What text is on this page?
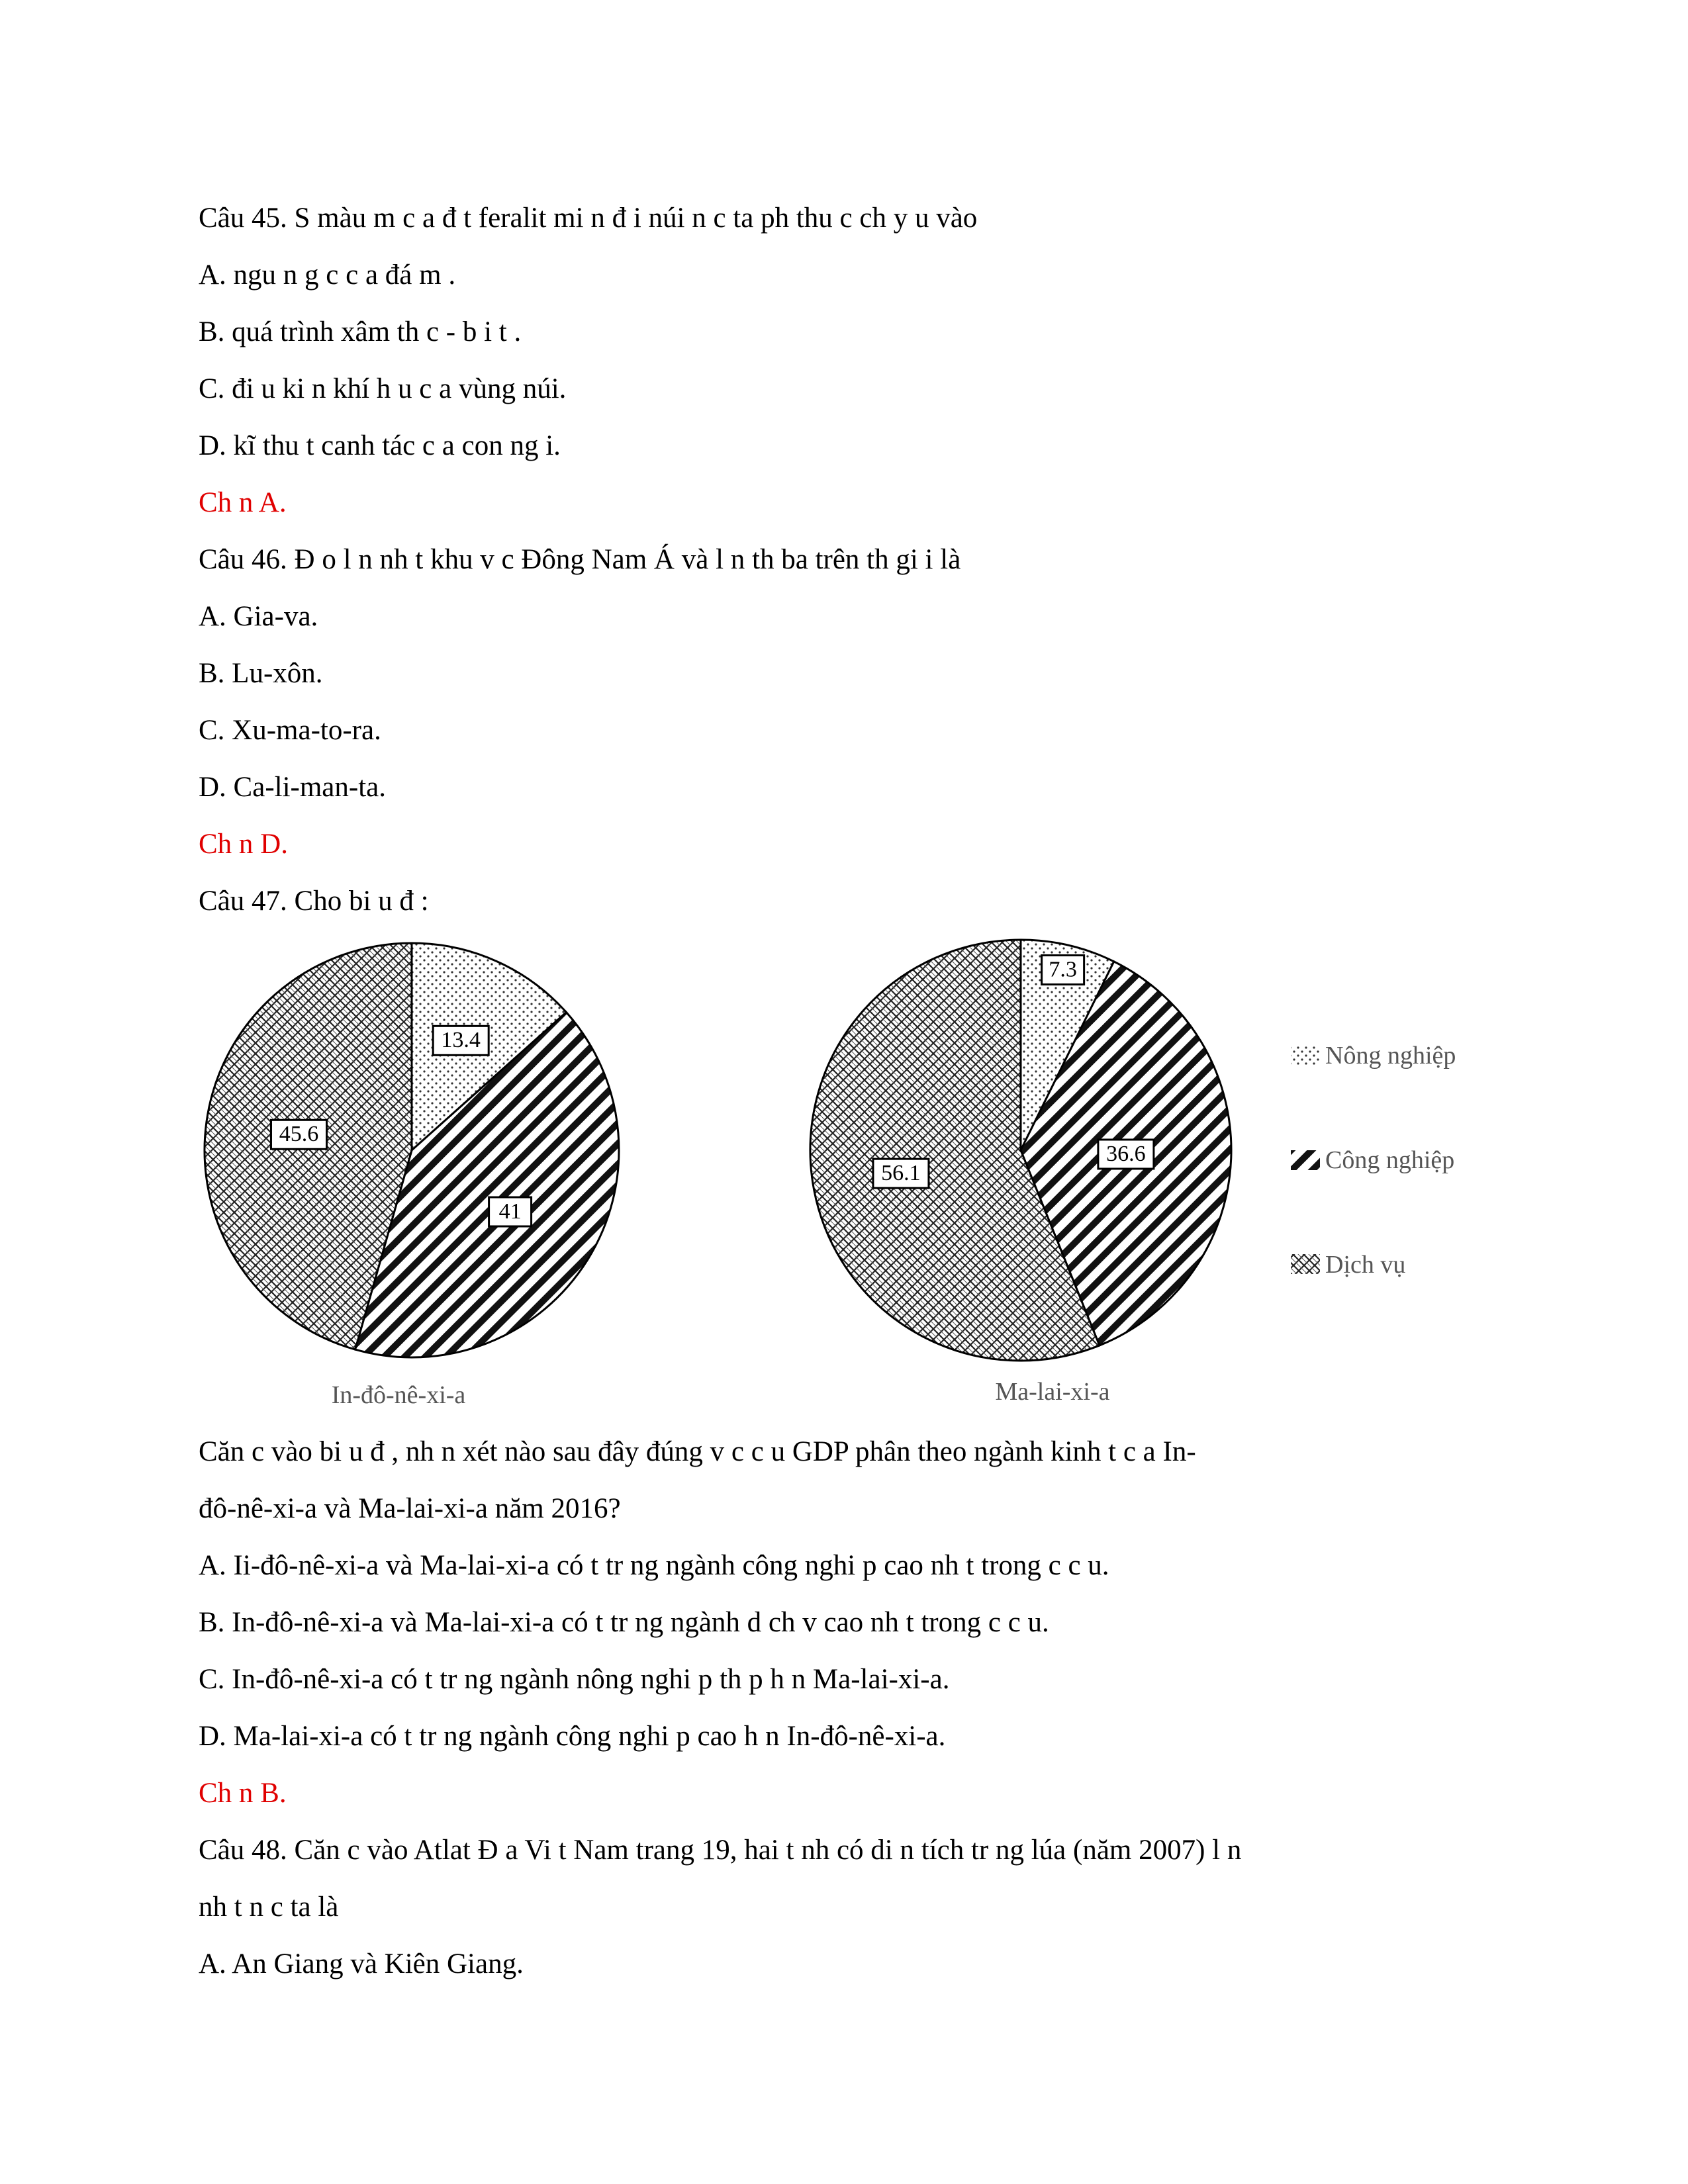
Câu 45. S màu m c a đ t feralit mi n đ i núi n c ta ph thu c ch y u vào
A. ngu n g c c a đá m .
B. quá trình xâm th c - b i t .
C. đi u ki n khí h u c a vùng núi.
D. kĩ thu t canh tác c a con ng i.
Ch n A.
Câu 46. Đ o l n nh t khu v c Đông Nam Á và l n th ba trên th gi i là
A. Gia-va.
B. Lu-xôn.
C. Xu-ma-to-ra.
D. Ca-li-man-ta.
Ch n D.
Câu 47. Cho bi u đ :
13.4
41
45.6
In-đô-nê-xi-a
7.3
36.6
56.1
Ma-lai-xi-a
Nông nghiệp
Công nghiệp
Dịch vụ
Căn c vào bi u đ , nh n xét nào sau đây đúng v c c u GDP phân theo ngành kinh t c a In-
đô-nê-xi-a và Ma-lai-xi-a năm 2016?
A. Ii-đô-nê-xi-a và Ma-lai-xi-a có t tr ng ngành công nghi p cao nh t trong c c u.
B. In-đô-nê-xi-a và Ma-lai-xi-a có t tr ng ngành d ch v cao nh t trong c c u.
C. In-đô-nê-xi-a có t tr ng ngành nông nghi p th p h n Ma-lai-xi-a.
D. Ma-lai-xi-a có t tr ng ngành công nghi p cao h n In-đô-nê-xi-a.
Ch n B.
Câu 48. Căn c vào Atlat Đ a Vi t Nam trang 19, hai t nh có di n tích tr ng lúa (năm 2007) l n
nh t n c ta là
A. An Giang và Kiên Giang.
